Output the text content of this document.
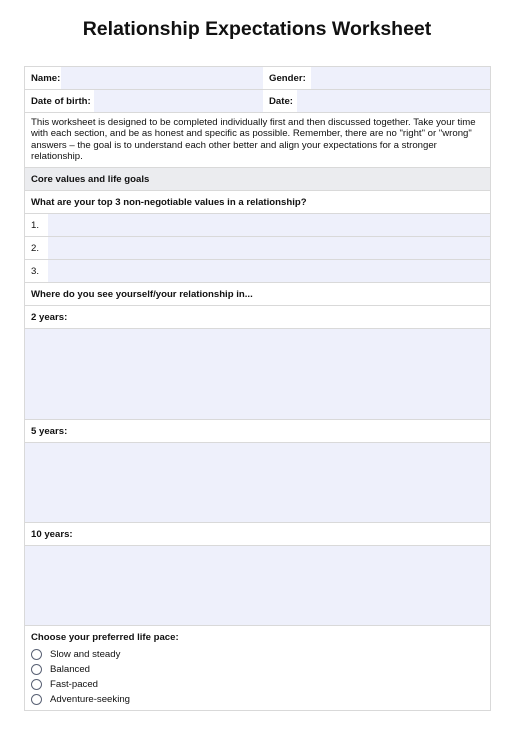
Relationship Expectations Worksheet
Name:	Gender:
Date of birth:	Date:
This worksheet is designed to be completed individually first and then discussed together. Take your time with each section, and be as honest and specific as possible. Remember, there are no "right" or "wrong" answers – the goal is to understand each other better and align your expectations for a stronger relationship.
Core values and life goals
What are your top 3 non-negotiable values in a relationship?
1.
2.
3.
Where do you see yourself/your relationship in...
2 years:
5 years:
10 years:
Choose your preferred life pace:
Slow and steady
Balanced
Fast-paced
Adventure-seeking
